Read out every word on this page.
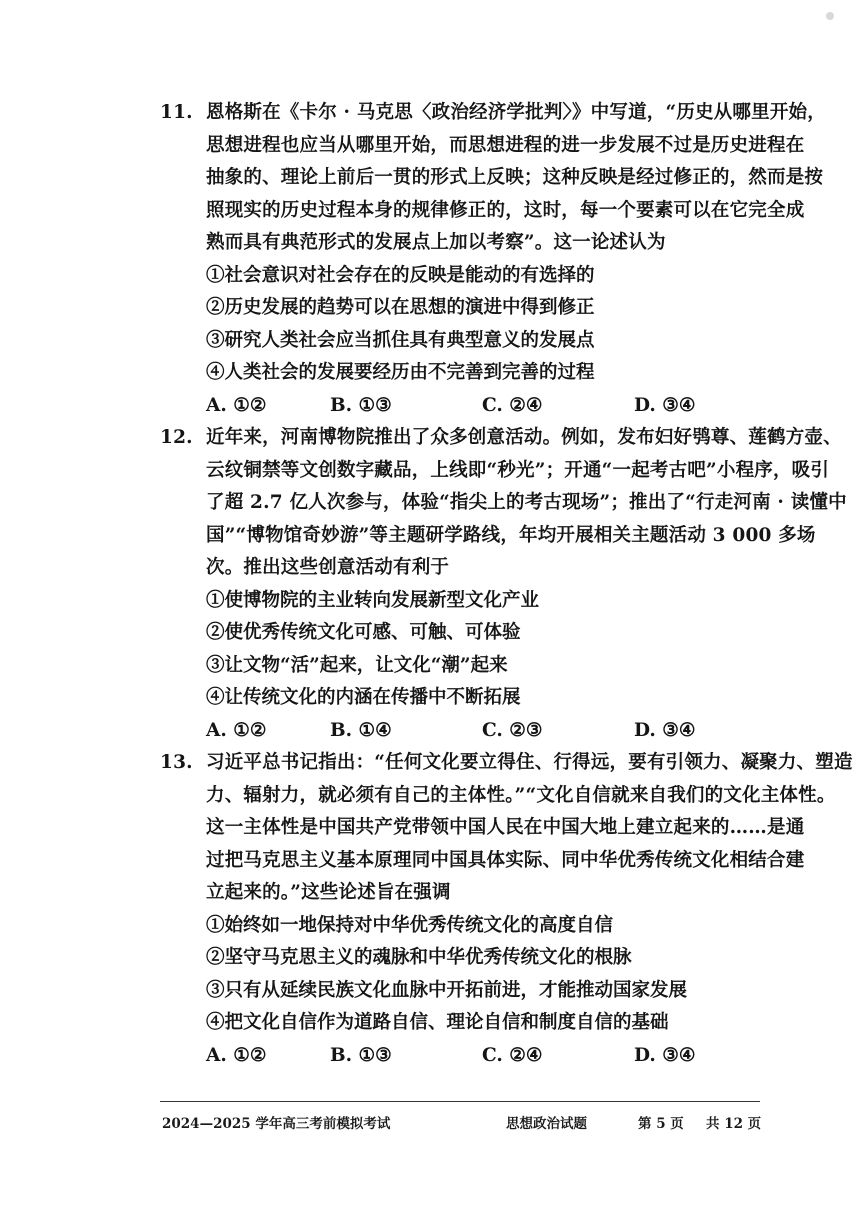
11. 恩格斯在《卡尔 · 马克思〈政治经济学批判〉》中写道，“历史从哪里开始，
思想进程也应当从哪里开始，而思想进程的进一步发展不过是历史进程在
抽象的、理论上前后一贯的形式上反映；这种反映是经过修正的，然而是按
照现实的历史过程本身的规律修正的，这时，每一个要素可以在它完全成
熟而具有典范形式的发展点上加以考察”。这一论述认为
①社会意识对社会存在的反映是能动的有选择的
②历史发展的趋势可以在思想的演进中得到修正
③研究人类社会应当抓住具有典型意义的发展点
④人类社会的发展要经历由不完善到完善的过程
A. ①②	B. ①③	C. ②④	D. ③④
12. 近年来，河南博物院推出了众多创意活动。例如，发布妇好鸮尊、莲鹤方壶、
云纹铜禁等文创数字藏品，上线即“秒光”；开通“一起考古吧”小程序，吸引
了超 2.7 亿人次参与，体验“指尖上的考古现场”；推出了“行走河南 · 读懂中
国”“博物馆奇妙游”等主题研学路线，年均开展相关主题活动 3 000 多场
次。推出这些创意活动有利于
①使博物院的主业转向发展新型文化产业
②使优秀传统文化可感、可触、可体验
③让文物“活”起来，让文化“潮”起来
④让传统文化的内涵在传播中不断拓展
A. ①②	B. ①④	C. ②③	D. ③④
13. 习近平总书记指出：“任何文化要立得住、行得远，要有引领力、凝聚力、塑造
力、辐射力，就必须有自己的主体性。”“文化自信就来自我们的文化主体性。
这一主体性是中国共产党带领中国人民在中国大地上建立起来的……是通
过把马克思主义基本原理同中国具体实际、同中华优秀传统文化相结合建
立起来的。”这些论述旨在强调
①始终如一地保持对中华优秀传统文化的高度自信
②坚守马克思主义的魂脉和中华优秀传统文化的根脉
③只有从延续民族文化血脉中开拓前进，才能推动国家发展
④把文化自信作为道路自信、理论自信和制度自信的基础
A. ①②	B. ①③	C. ②④	D. ③④
2024—2025 学年高三考前模拟考试	思想政治试题	第 5 页 共 12 页
